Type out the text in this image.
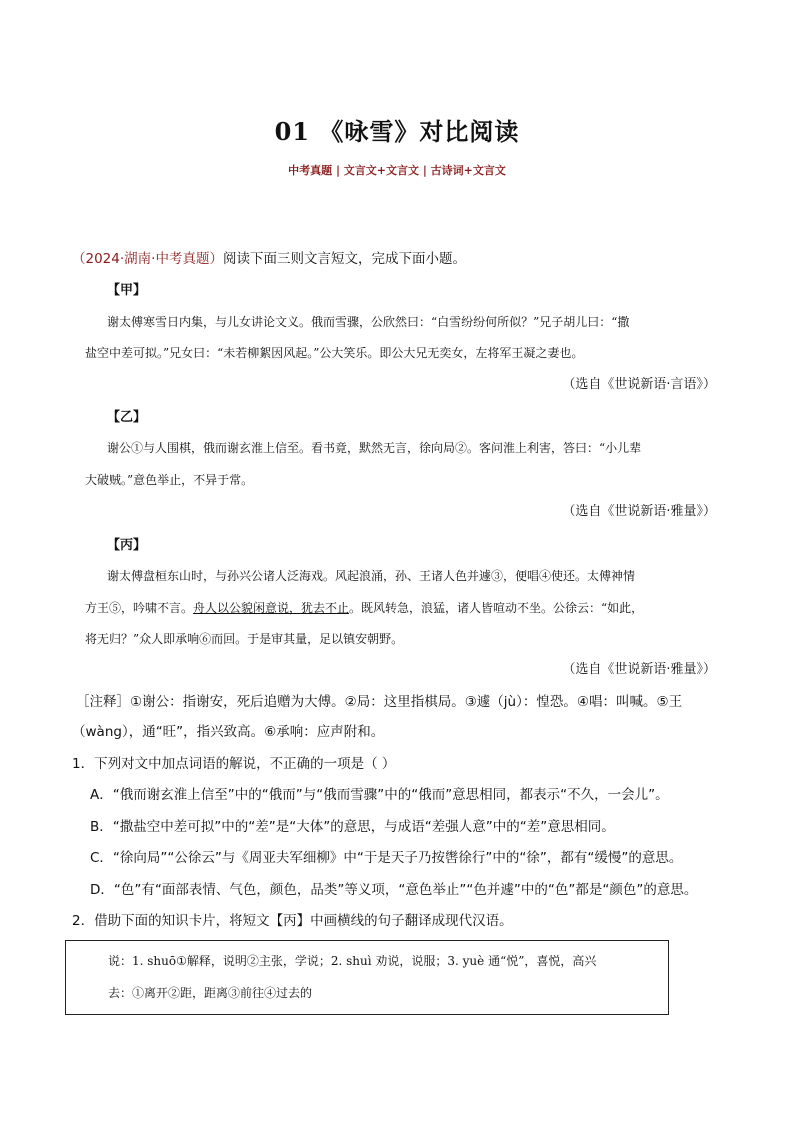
01 《咏雪》对比阅读
中考真题 | 文言文+文言文 | 古诗词+文言文
（2024·湖南·中考真题）阅读下面三则文言短文，完成下面小题。
【甲】
谢太傅寒雪日内集，与儿女讲论文义。俄而雪骤，公欣然曰：“白雪纷纷何所似？”兄子胡儿曰：“撒
盐空中差可拟。”兄女曰：“未若柳絮因风起。”公大笑乐。即公大兄无奕女，左将军王凝之妻也。
（选自《世说新语·言语》）
【乙】
谢公①与人围棋，俄而谢玄淮上信至。看书竟，默然无言，徐向局②。客问淮上利害，答曰：“小儿辈
大破贼。”意色举止，不异于常。
（选自《世说新语·雅量》）
【丙】
谢太傅盘桓东山时，与孙兴公诸人泛海戏。风起浪涌，孙、王诸人色并遽③，便唱④使还。太傅神情
方王⑤，吟啸不言。舟人以公貌闲意说，犹去不止。既风转急，浪猛，诸人皆喧动不坐。公徐云：“如此，
将无归？”众人即承响⑥而回。于是审其量，足以镇安朝野。
（选自《世说新语·雅量》）
［注释］①谢公：指谢安，死后追赠为大傅。②局：这里指棋局。③遽（jù）：惶恐。④唱：叫喊。⑤王
（wàng），通“旺”，指兴致高。⑥承响：应声附和。
1．下列对文中加点词语的解说，不正确的一项是（ ）
A．“俄而谢玄淮上信至”中的“俄而”与“俄而雪骤”中的“俄而”意思相同，都表示“不久，一会儿”。
B．“撒盐空中差可拟”中的“差”是“大体”的意思，与成语“差强人意”中的“差”意思相同。
C．“徐向局”“公徐云”与《周亚夫军细柳》中“于是天子乃按辔徐行”中的“徐”，都有“缓慢”的意思。
D．“色”有“面部表情、气色，颜色，品类”等义项，“意色举止”“色并遽”中的“色”都是“颜色”的意思。
2．借助下面的知识卡片，将短文【丙】中画横线的句子翻译成现代汉语。
说：1. shuō①解释，说明②主张，学说；2. shuì 劝说，说服；3. yuè 通“悦”，喜悦，高兴
去：①离开②距，距离③前往④过去的
